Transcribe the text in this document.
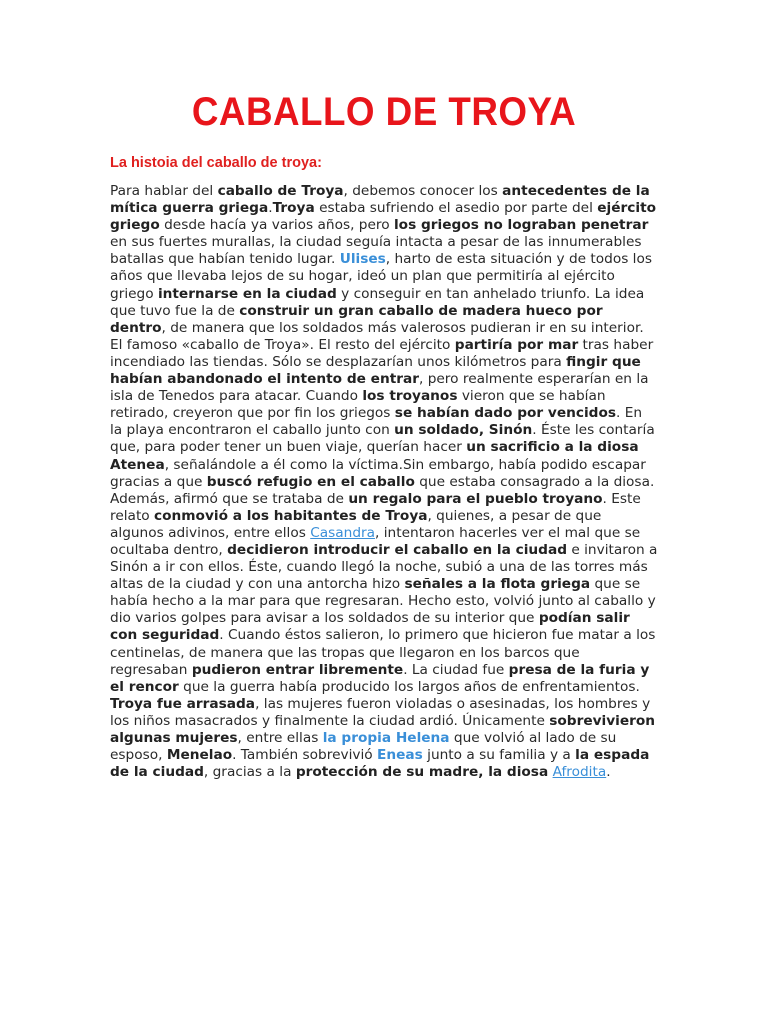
CABALLO DE TROYA
La histoia del caballo de troya:

Para hablar del caballo de Troya, debemos conocer los antecedentes de la mítica guerra griega.Troya estaba sufriendo el asedio por parte del ejército griego desde hacía ya varios años, pero los griegos no lograban penetrar en sus fuertes murallas, la ciudad seguía intacta a pesar de las innumerables batallas que habían tenido lugar. Ulises, harto de esta situación y de todos los años que llevaba lejos de su hogar, ideó un plan que permitiría al ejército griego internarse en la ciudad y conseguir en tan anhelado triunfo. La idea que tuvo fue la de construir un gran caballo de madera hueco por dentro, de manera que los soldados más valerosos pudieran ir en su interior. El famoso «caballo de Troya». El resto del ejército partiría por mar tras haber incendiado las tiendas. Sólo se desplazarían unos kilómetros para fingir que habían abandonado el intento de entrar, pero realmente esperarían en la isla de Tenedos para atacar. Cuando los troyanos vieron que se habían retirado, creyeron que por fin los griegos se habían dado por vencidos. En la playa encontraron el caballo junto con un soldado, Sinón. Éste les contaría que, para poder tener un buen viaje, querían hacer un sacrificio a la diosa Atenea, señalándole a él como la víctima.Sin embargo, había podido escapar gracias a que buscó refugio en el caballo que estaba consagrado a la diosa. Además, afirmó que se trataba de un regalo para el pueblo troyano. Este relato conmovió a los habitantes de Troya, quienes, a pesar de que algunos adivinos, entre ellos Casandra, intentaron hacerles ver el mal que se ocultaba dentro, decidieron introducir el caballo en la ciudad e invitaron a Sinón a ir con ellos. Éste, cuando llegó la noche, subió a una de las torres más altas de la ciudad y con una antorcha hizo señales a la flota griega que se había hecho a la mar para que regresaran. Hecho esto, volvió junto al caballo y dio varios golpes para avisar a los soldados de su interior que podían salir con seguridad. Cuando éstos salieron, lo primero que hicieron fue matar a los centinelas, de manera que las tropas que llegaron en los barcos que regresaban pudieron entrar libremente. La ciudad fue presa de la furia y el rencor que la guerra había producido los largos años de enfrentamientos. Troya fue arrasada, las mujeres fueron violadas o asesinadas, los hombres y los niños masacrados y finalmente la ciudad ardió. Únicamente sobrevivieron algunas mujeres, entre ellas la propia Helena que volvió al lado de su esposo, Menelao. También sobrevivió Eneas junto a su familia y a la espada de la ciudad, gracias a la protección de su madre, la diosa Afrodita.
